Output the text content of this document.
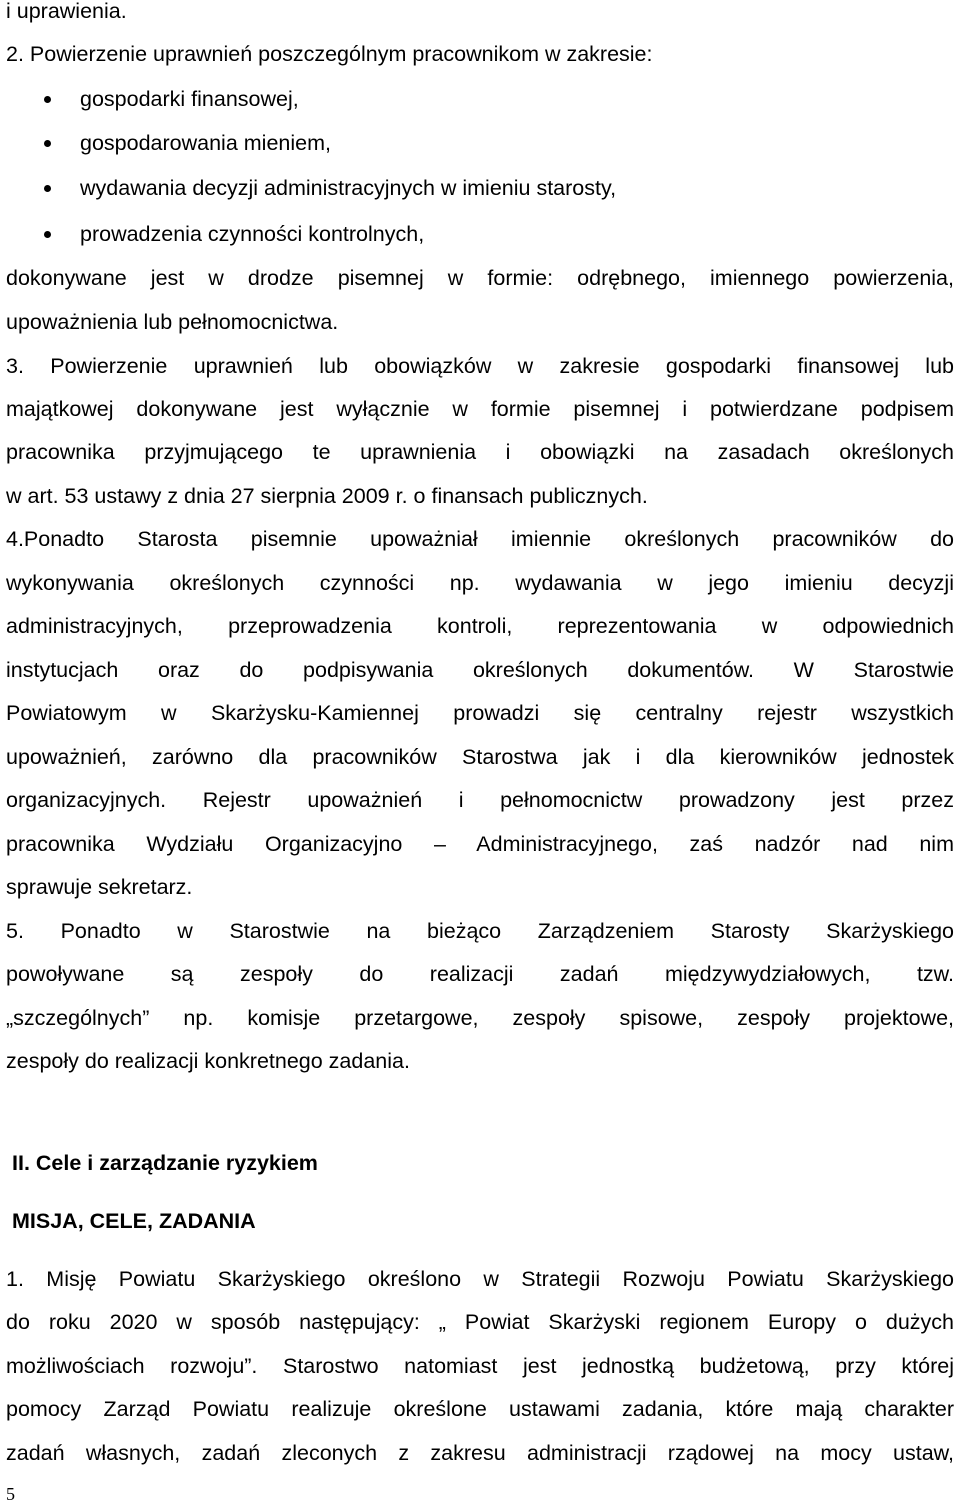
i uprawienia.
2. Powierzenie uprawnień poszczególnym pracownikom w zakresie:
gospodarki finansowej,
gospodarowania mieniem,
wydawania decyzji administracyjnych w imieniu starosty,
prowadzenia czynności kontrolnych,
dokonywane jest w drodze pisemnej w formie: odrębnego, imiennego powierzenia,
upoważnienia lub pełnomocnictwa.
3. Powierzenie uprawnień lub obowiązków w zakresie gospodarki finansowej lub
majątkowej dokonywane jest wyłącznie w formie pisemnej i potwierdzane podpisem
pracownika przyjmującego te uprawnienia i obowiązki na zasadach określonych
w art. 53 ustawy z dnia 27 sierpnia 2009 r. o finansach publicznych.
4.Ponadto Starosta pisemnie upoważniał imiennie określonych pracowników do
wykonywania określonych czynności np. wydawania w jego imieniu decyzji
administracyjnych, przeprowadzenia kontroli, reprezentowania w odpowiednich
instytucjach oraz do podpisywania określonych dokumentów. W Starostwie
Powiatowym w Skarżysku-Kamiennej prowadzi się centralny rejestr wszystkich
upoważnień, zarówno dla pracowników Starostwa jak i dla kierowników jednostek
organizacyjnych. Rejestr upoważnień i pełnomocnictw prowadzony jest przez
pracownika Wydziału Organizacyjno – Administracyjnego, zaś nadzór nad nim
sprawuje sekretarz.
5. Ponadto w Starostwie na bieżąco Zarządzeniem Starosty Skarżyskiego
powoływane są zespoły do realizacji zadań międzywydziałowych, tzw.
„szczególnych” np. komisje przetargowe, zespoły spisowe, zespoły projektowe,
zespoły do realizacji konkretnego zadania.
II. Cele i zarządzanie ryzykiem
MISJA, CELE, ZADANIA
1. Misję Powiatu Skarżyskiego określono w Strategii Rozwoju Powiatu Skarżyskiego
do roku 2020 w sposób następujący: „ Powiat Skarżyski regionem Europy o dużych
możliwościach rozwoju”. Starostwo natomiast jest jednostką budżetową, przy której
pomocy Zarząd Powiatu realizuje określone ustawami zadania, które mają charakter
zadań własnych, zadań zleconych z zakresu administracji rządowej na mocy ustaw,
5
